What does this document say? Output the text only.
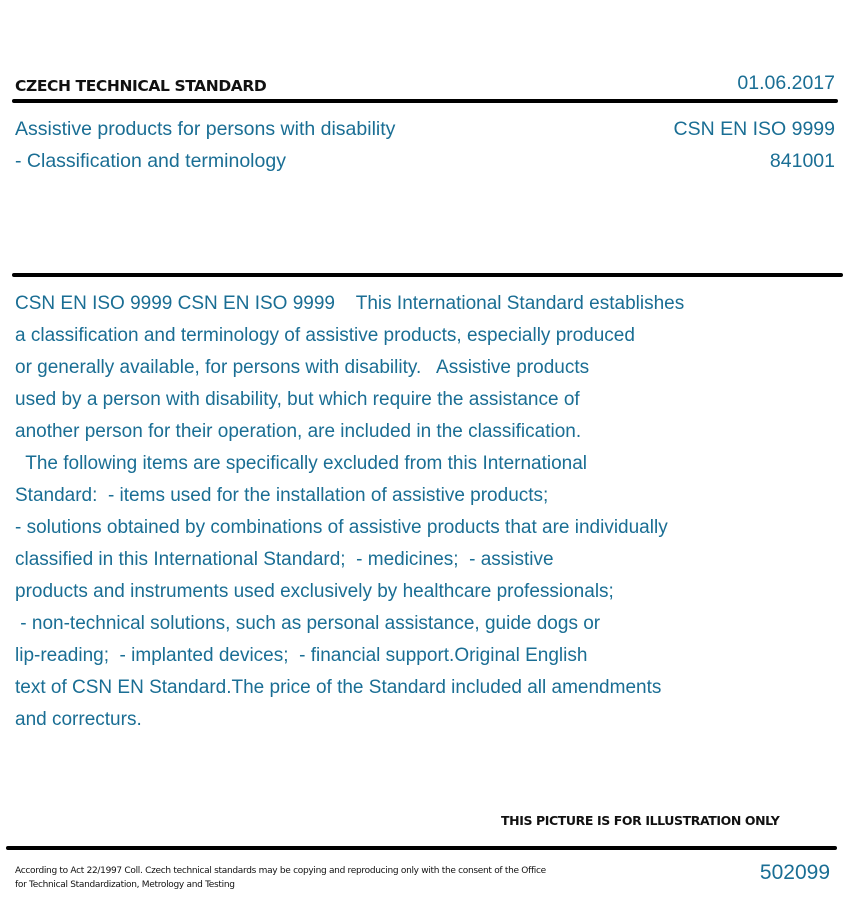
CZECH TECHNICAL STANDARD	01.06.2017
Assistive products for persons with disability
- Classification and terminology
CSN EN ISO 9999
841001
CSN EN ISO 9999 CSN EN ISO 9999    This International Standard establishes
a classification and terminology of assistive products, especially produced
or generally available, for persons with disability.   Assistive products
used by a person with disability, but which require the assistance of
another person for their operation, are included in the classification.
The following items are specifically excluded from this International
Standard:  - items used for the installation of assistive products;
- solutions obtained by combinations of assistive products that are individually
classified in this International Standard;  - medicines;  - assistive
products and instruments used exclusively by healthcare professionals;
- non-technical solutions, such as personal assistance, guide dogs or
lip-reading;  - implanted devices;  - financial support.Original English
text of CSN EN Standard.The price of the Standard included all amendments
and correcturs.
THIS PICTURE IS FOR ILLUSTRATION ONLY
According to Act 22/1997 Coll. Czech technical standards may be copying and reproducing only with the consent of the Office
for Technical Standardization, Metrology and Testing
502099
